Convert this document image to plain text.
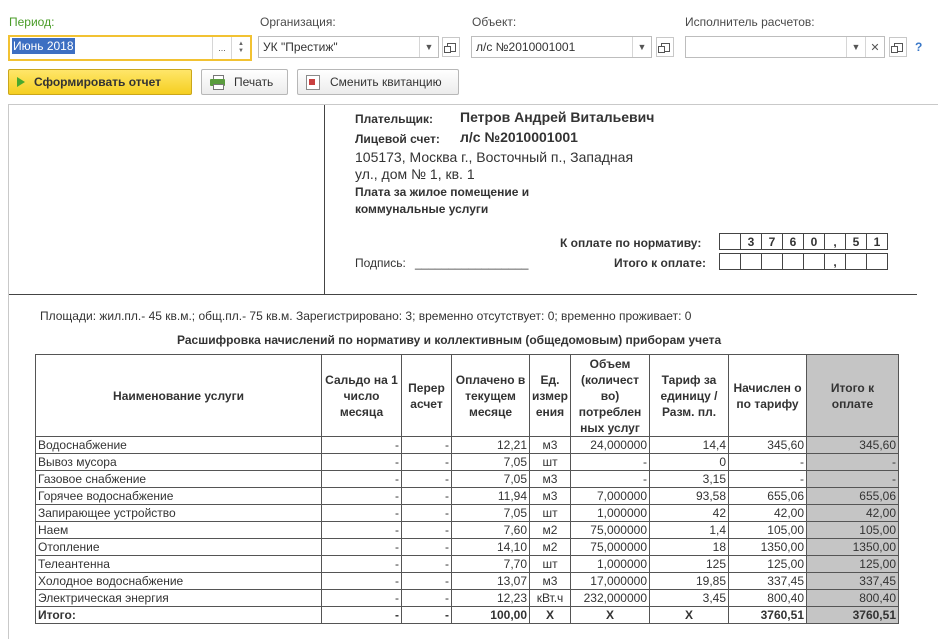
Период:
Июнь 2018	...	▲
▼
Организация:
УК "Престиж"	▼
Объект:
л/с №2010001001	▼
Исполнитель расчетов:
▼ ✕	?
Сформировать отчет	Печать	Сменить квитанцию
Плательщик: Петров Андрей Витальевич
Лицевой счет: л/с №2010001001
105173, Москва г., Восточный п., Западная
ул., дом № 1, кв. 1
Плата за жилое помещение и
коммунальные услуги
К оплате по нормативу:
		3	7	6	0	,	5	1
Итого к оплате:
						,		
Подпись: _________________
Площади: жил.пл.- 45 кв.м.; общ.пл.- 75 кв.м. Зарегистрировано: 3; временно отсутствует: 0; временно проживает: 0
Расшифровка начислений по нормативу и коллективным (общедомовым) приборам учета
Наименование услуги	Сальдо на 1 число месяца	Перер асчет	Оплачено в текущем месяце	Ед. измер ения	Объем (количест во) потреблен ных услуг	Тариф за единицу / Разм. пл.	Начислен о по тарифу	Итого к оплате
Водоснабжение	-	-	12,21	м3	24,000000	14,4	345,60	345,60
Вывоз мусора	-	-	7,05	шт	-	0	-	-
Газовое снабжение	-	-	7,05	м3	-	3,15	-	-
Горячее водоснабжение	-	-	11,94	м3	7,000000	93,58	655,06	655,06
Запирающее устройство	-	-	7,05	шт	1,000000	42	42,00	42,00
Наем	-	-	7,60	м2	75,000000	1,4	105,00	105,00
Отопление	-	-	14,10	м2	75,000000	18	1350,00	1350,00
Телеантенна	-	-	7,70	шт	1,000000	125	125,00	125,00
Холодное водоснабжение	-	-	13,07	м3	17,000000	19,85	337,45	337,45
Электрическая энергия	-	-	12,23	кВт.ч	232,000000	3,45	800,40	800,40
Итого:	-	-	100,00	X	X	X	3760,51	3760,51
